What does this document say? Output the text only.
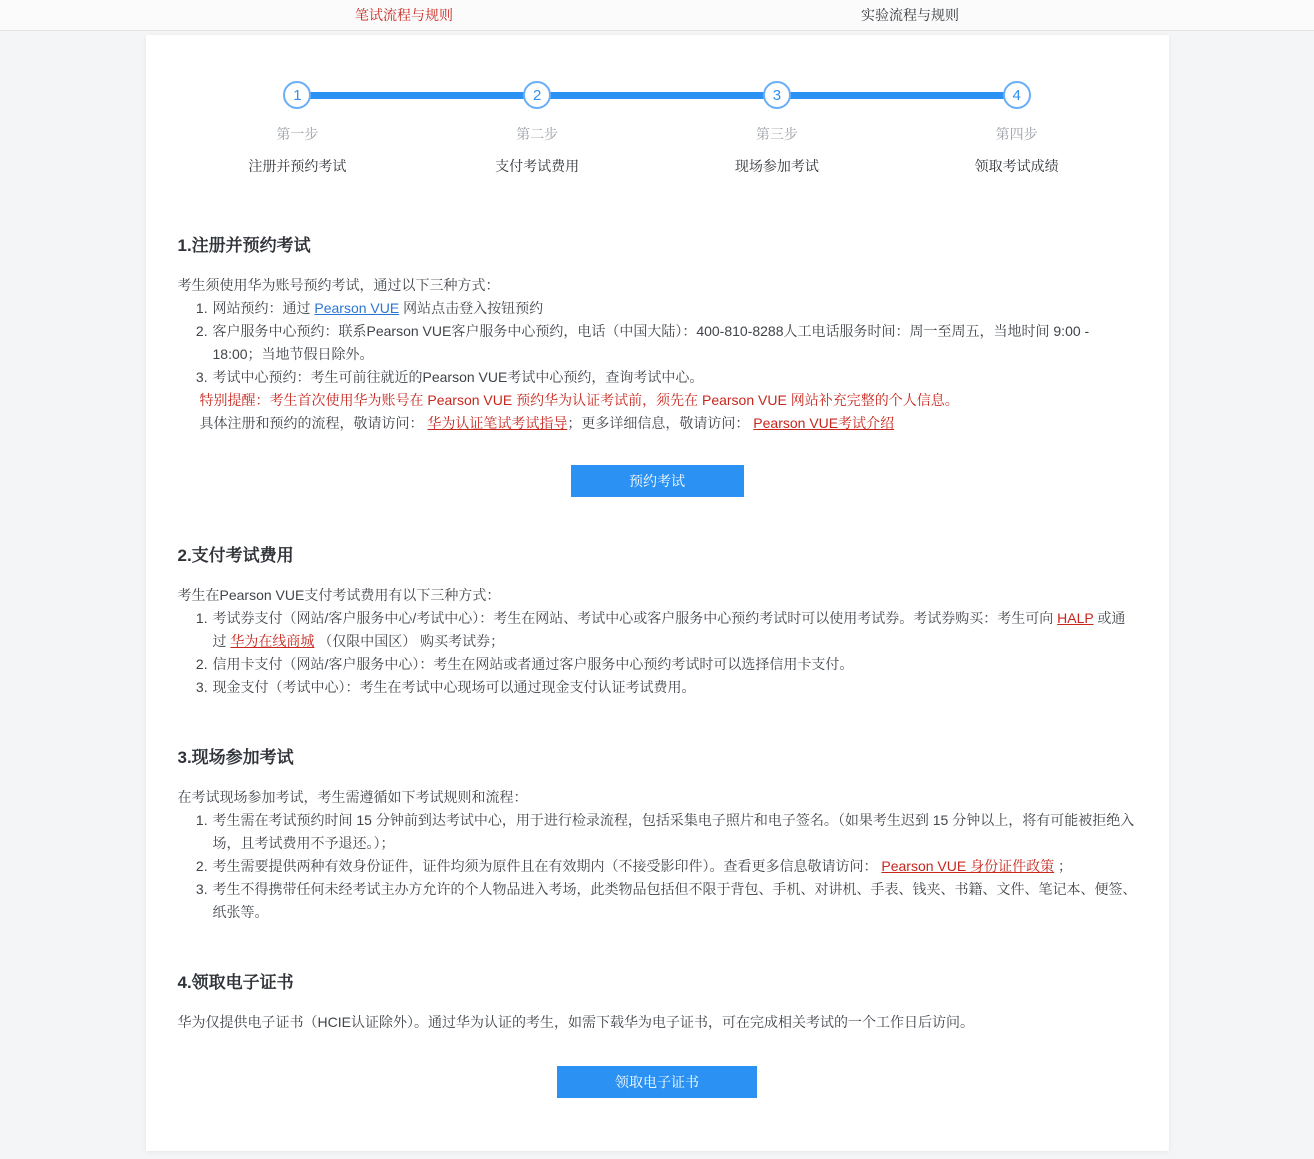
笔试流程与规则	实验流程与规则
1
第一步
注册并预约考试
2
第二步
支付考试费用
3
第三步
现场参加考试
4
第四步
领取考试成绩
1.注册并预约考试

考生须使用华为账号预约考试，通过以下三种方式：

1. 网站预约：通过 Pearson VUE 网站点击登入按钮预约
2. 客户服务中心预约：联系Pearson VUE客户服务中心预约，电话（中国大陆）：400-810-8288人工电话服务时间：周一至周五，当地时间 9:00 - 18:00；当地节假日除外。
3. 考试中心预约：考生可前往就近的Pearson VUE考试中心预约，查询考试中心。
特别提醒：考生首次使用华为账号在 Pearson VUE 预约华为认证考试前，须先在 Pearson VUE 网站补充完整的个人信息。
具体注册和预约的流程，敬请访问： 华为认证笔试考试指导；更多详细信息，敬请访问： Pearson VUE考试介绍
预约考试
2.支付考试费用

考生在Pearson VUE支付考试费用有以下三种方式：

1. 考试券支付（网站/客户服务中心/考试中心）：考生在网站、考试中心或客户服务中心预约考试时可以使用考试券。考试券购买：考生可向 HALP 或通过 华为在线商城 （仅限中国区） 购买考试券；
2. 信用卡支付（网站/客户服务中心）：考生在网站或者通过客户服务中心预约考试时可以选择信用卡支付。
3. 现金支付（考试中心）：考生在考试中心现场可以通过现金支付认证考试费用。
3.现场参加考试

在考试现场参加考试，考生需遵循如下考试规则和流程：

1. 考生需在考试预约时间 15 分钟前到达考试中心，用于进行检录流程，包括采集电子照片和电子签名。（如果考生迟到 15 分钟以上，将有可能被拒绝入场，且考试费用不予退还。）；
2. 考生需要提供两种有效身份证件，证件均须为原件且在有效期内（不接受影印件）。查看更多信息敬请访问： Pearson VUE 身份证件政策 ；
3. 考生不得携带任何未经考试主办方允许的个人物品进入考场，此类物品包括但不限于背包、手机、对讲机、手表、钱夹、书籍、文件、笔记本、便签、纸张等。
4.领取电子证书

华为仅提供电子证书（HCIE认证除外）。通过华为认证的考生，如需下载华为电子证书，可在完成相关考试的一个工作日后访问。

领取电子证书
